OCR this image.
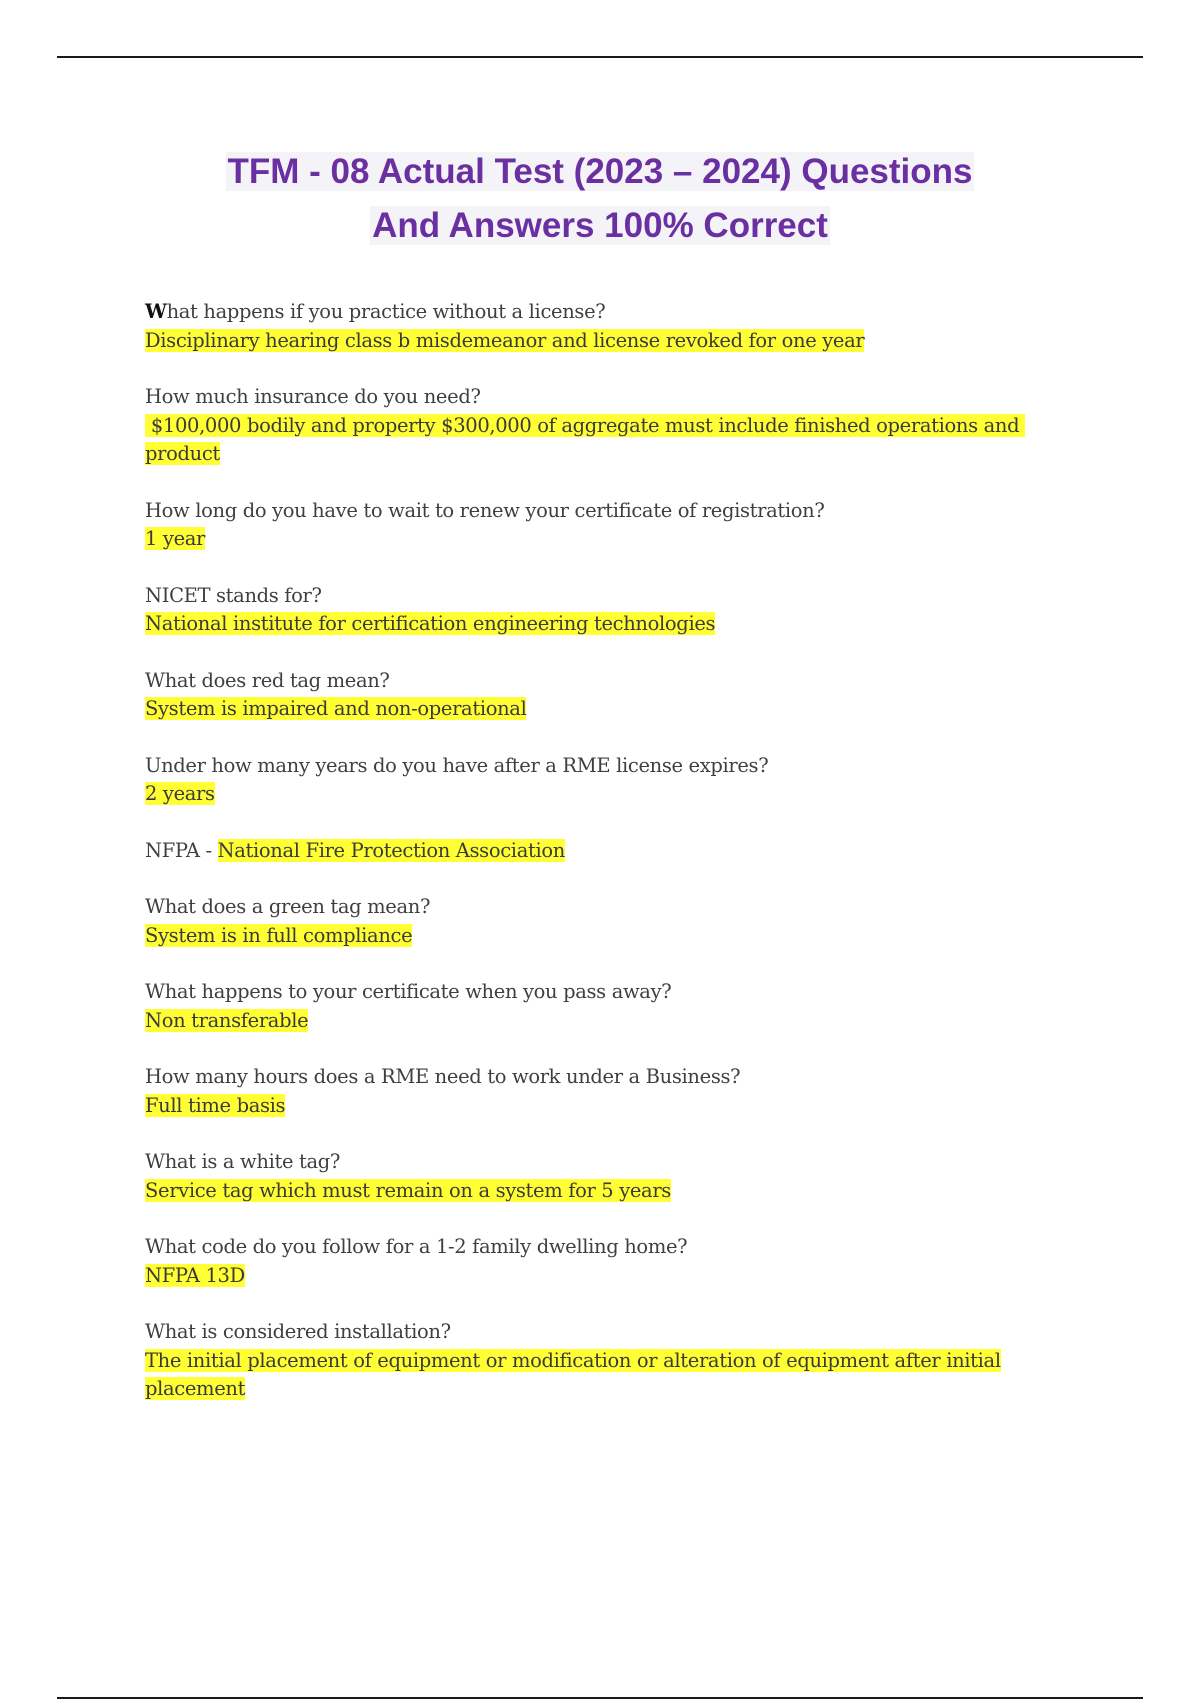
TFM - 08 Actual Test (2023 – 2024) Questions
And Answers 100% Correct

What happens if you practice without a license?

Disciplinary hearing class b misdemeanor and license revoked for one year

How much insurance do you need?

$100,000 bodily and property $300,000 of aggregate must include finished operations and product

How long do you have to wait to renew your certificate of registration?

1 year

NICET stands for?

National institute for certification engineering technologies

What does red tag mean?

System is impaired and non-operational

Under how many years do you have after a RME license expires?

2 years

NFPA - National Fire Protection Association

What does a green tag mean?

System is in full compliance

What happens to your certificate when you pass away?

Non transferable

How many hours does a RME need to work under a Business?

Full time basis

What is a white tag?

Service tag which must remain on a system for 5 years

What code do you follow for a 1-2 family dwelling home?

NFPA 13D

What is considered installation?

The initial placement of equipment or modification or alteration of equipment after initial placement
